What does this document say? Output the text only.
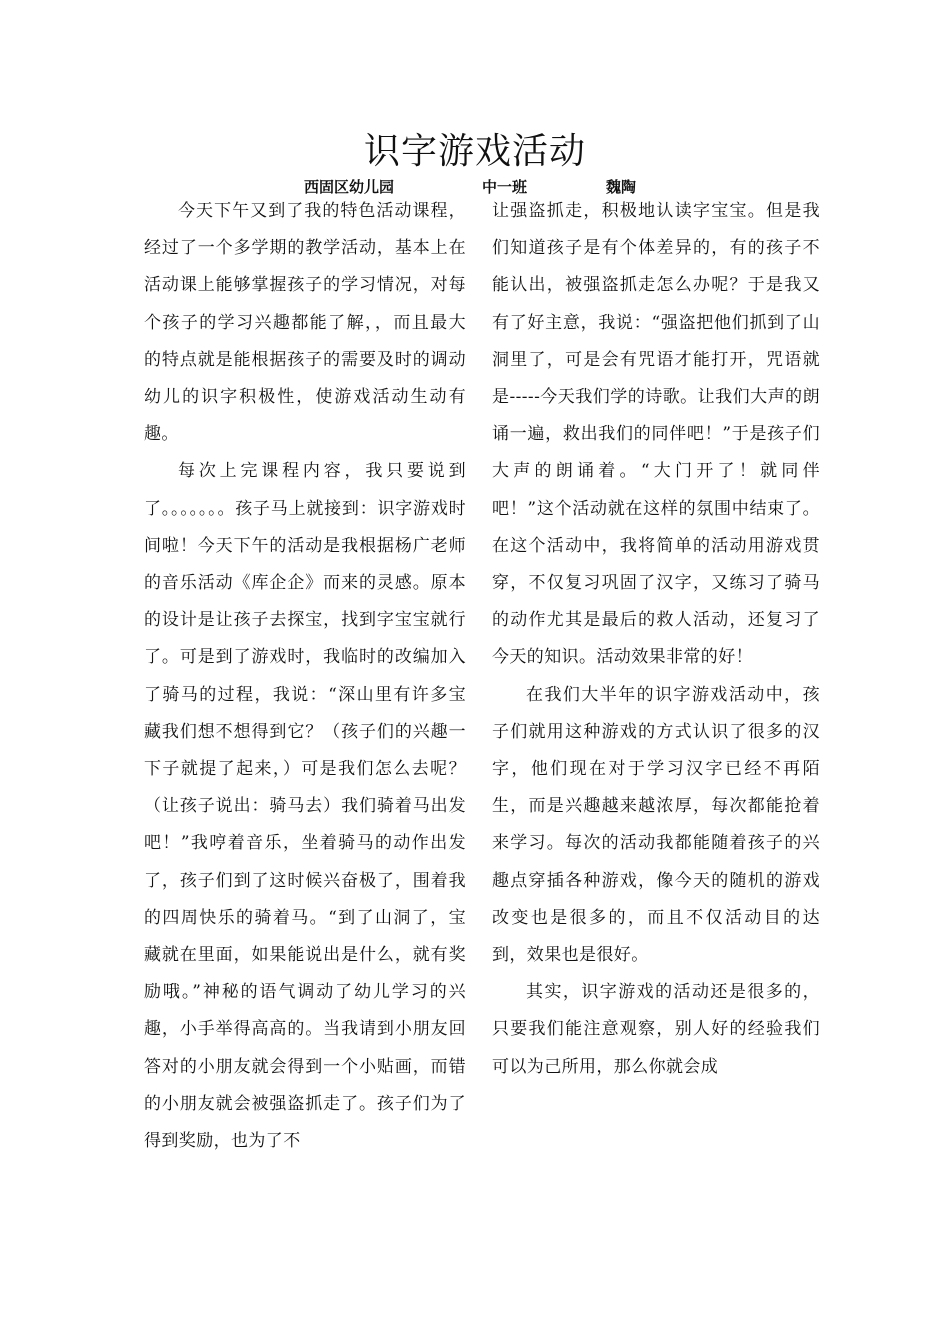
识字游戏活动
西固区幼儿园	中一班	魏陶

今天下午又到了我的特色活动课程，经过了一个多学期的教学活动，基本上在活动课上能够掌握孩子的学习情况，对每个孩子的学习兴趣都能了解，，而且最大的特点就是能根据孩子的需要及时的调动幼儿的识字积极性，使游戏活动生动有趣。

每次上完课程内容，我只要说到了。。。。。。。孩子马上就接到：识字游戏时间啦！今天下午的活动是我根据杨广老师的音乐活动《库企企》而来的灵感。原本的设计是让孩子去探宝，找到字宝宝就行了。可是到了游戏时，我临时的改编加入了骑马的过程，我说：“深山里有许多宝藏我们想不想得到它？（孩子们的兴趣一下子就提了起来，）可是我们怎么去呢？（让孩子说出：骑马去）我们骑着马出发吧！”我哼着音乐，坐着骑马的动作出发了，孩子们到了这时候兴奋极了，围着我的四周快乐的骑着马。“到了山洞了，宝藏就在里面，如果能说出是什么，就有奖励哦。”神秘的语气调动了幼儿学习的兴趣，小手举得高高的。当我请到小朋友回答对的小朋友就会得到一个小贴画，而错的小朋友就会被强盗抓走了。孩子们为了得到奖励，也为了不

让强盗抓走，积极地认读字宝宝。但是我们知道孩子是有个体差异的，有的孩子不能认出，被强盗抓走怎么办呢？于是我又有了好主意，我说：“强盗把他们抓到了山洞里了，可是会有咒语才能打开，咒语就是-----今天我们学的诗歌。让我们大声的朗诵一遍，救出我们的同伴吧！”于是孩子们大声的朗诵着。“大门开了！就同伴吧！”这个活动就在这样的氛围中结束了。在这个活动中，我将简单的活动用游戏贯穿，不仅复习巩固了汉字，又练习了骑马的动作尤其是最后的救人活动，还复习了今天的知识。活动效果非常的好！

在我们大半年的识字游戏活动中，孩子们就用这种游戏的方式认识了很多的汉字，他们现在对于学习汉字已经不再陌生，而是兴趣越来越浓厚，每次都能抢着来学习。每次的活动我都能随着孩子的兴趣点穿插各种游戏，像今天的随机的游戏改变也是很多的，而且不仅活动目的达到，效果也是很好。

其实，识字游戏的活动还是很多的，只要我们能注意观察，别人好的经验我们可以为己所用，那么你就会成
